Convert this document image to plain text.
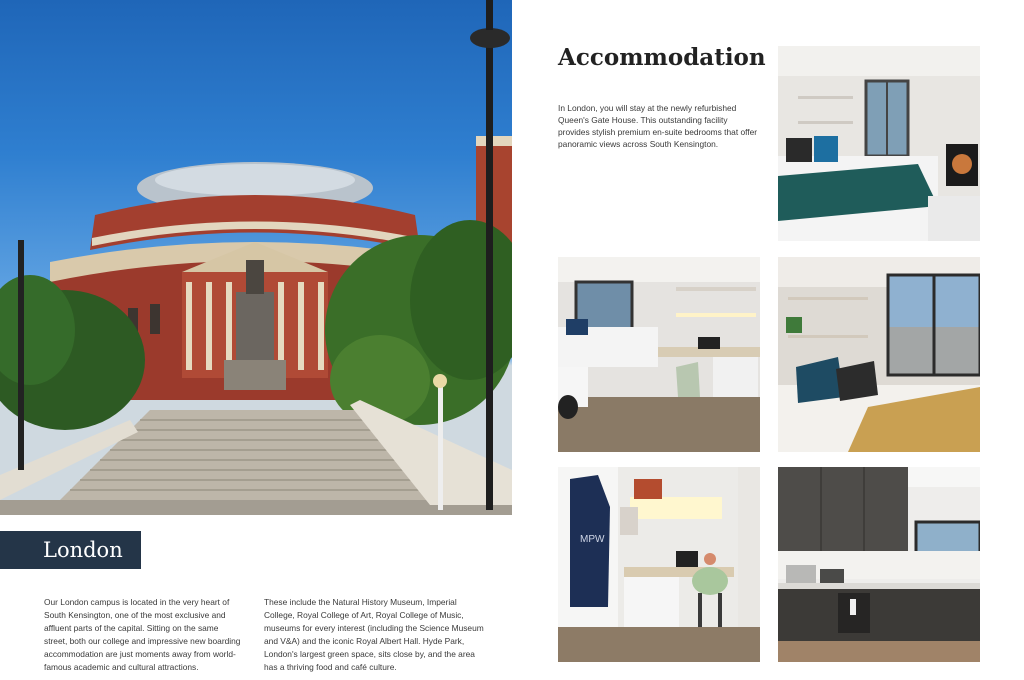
London

Our London campus is located in the very heart of South Kensington, one of the most exclusive and affluent parts of the capital. Sitting on the same street, both our college and impressive new boarding accommodation are just moments away from world-famous academic and cultural attractions.

These include the Natural History Museum, Imperial College, Royal College of Art, Royal College of Music, museums for every interest (including the Science Museum and V&A) and the iconic Royal Albert Hall. Hyde Park, London's largest green space, sits close by, and the area has a thriving food and café culture.

Accommodation

In London, you will stay at the newly refurbished Queen's Gate House. This outstanding facility provides stylish premium en-suite bedrooms that offer panoramic views across South Kensington.

MPW
